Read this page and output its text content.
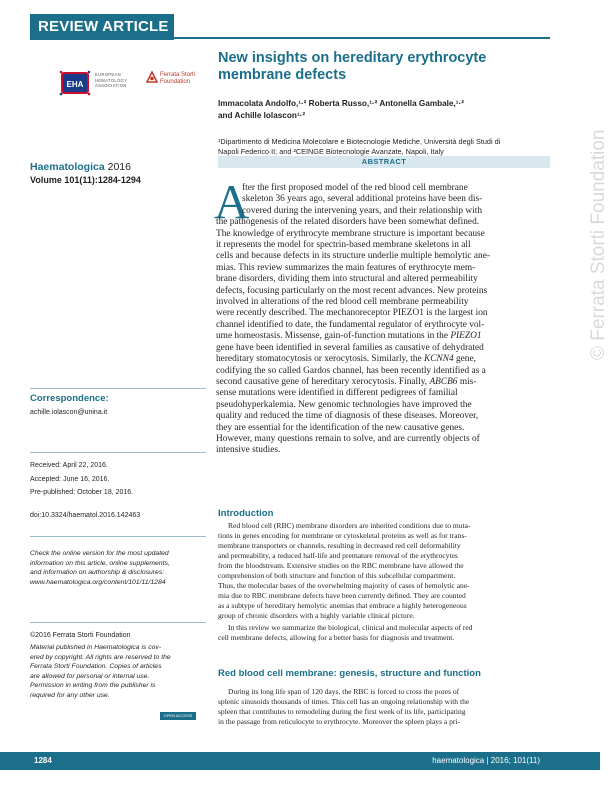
REVIEW ARTICLE
EHA
EUROPEAN
HEMATOLOGY
ASSOCIATION
Ferrata Storti
Foundation
New insights on hereditary erythrocyte
membrane defects
Immacolata Andolfo,¹·² Roberta Russo,¹·² Antonella Gambale,¹·²
and Achille Iolascon¹·²
¹Dipartimento di Medicina Molecolare e Biotecnologie Mediche, Università degli Studi di
Napoli Federico II; and ²CEINGE Biotecnologie Avanzate, Napoli, Italy
Haematologica 2016
Volume 101(11):1284-1294
ABSTRACT
A
fter the first proposed model of the red blood cell membrane
skeleton 36 years ago, several additional proteins have been dis-
covered during the intervening years, and their relationship with
the pathogenesis of the related disorders have been somewhat defined.
The knowledge of erythrocyte membrane structure is important because
it represents the model for spectrin-based membrane skeletons in all
cells and because defects in its structure underlie multiple hemolytic ane-
mias. This review summarizes the main features of erythrocyte mem-
brane disorders, dividing them into structural and altered permeability
defects, focusing particularly on the most recent advances. New proteins
involved in alterations of the red blood cell membrane permeability
were recently described. The mechanoreceptor PIEZO1 is the largest ion
channel identified to date, the fundamental regulator of erythrocyte vol-
ume homeostasis. Missense, gain-of-function mutations in the PIEZO1
gene have been identified in several families as causative of dehydrated
hereditary stomatocytosis or xerocytosis. Similarly, the KCNN4 gene,
codifying the so called Gardos channel, has been recently identified as a
second causative gene of hereditary xerocytosis. Finally, ABCB6 mis-
sense mutations were identified in different pedigrees of familial
pseudohyperkalemia. New genomic technologies have improved the
quality and reduced the time of diagnosis of these diseases. Moreover,
they are essential for the identification of the new causative genes.
However, many questions remain to solve, and are currently objects of
intensive studies.
Correspondence:
achille.iolascon@unina.it
Received: April 22, 2016.
Accepted: June 16, 2016.
Pre-published: October 18, 2016.
doi:10.3324/haematol.2016.142463
Check the online version for the most updated
information on this article, online supplements,
and information on authorship & disclosures:
www.haematologica.org/content/101/11/1284
©2016 Ferrata Storti Foundation
Material published in Haematologica is cov-
ered by copyright. All rights are reserved to the
Ferrata Storti Foundation. Copies of articles
are allowed for personal or internal use.
Permission in writing from the publisher is
required for any other use.
OPEN ACCESS
Introduction
Red blood cell (RBC) membrane disorders are inherited conditions due to muta-
tions in genes encoding for membrane or cytoskeletal proteins as well as for trans-
membrane transporters or channels, resulting in decreased red cell deformability
and permeability, a reduced half-life and premature removal of the erythrocytes
from the bloodstream. Extensive studies on the RBC membrane have allowed the
comprehension of both structure and function of this subcellular compartment.
Thus, the molecular bases of the overwhelming majority of cases of hemolytic ane-
mia due to RBC membrane defects have been currently defined. They are counted
as a subtype of hereditary hemolytic anemias that embrace a highly heterogeneous
group of chronic disorders with a highly variable clinical picture.
In this review we summarize the biological, clinical and molecular aspects of red
cell membrane defects, allowing for a better basis for diagnosis and treatment.
Red blood cell membrane: genesis, structure and function
During its long life span of 120 days, the RBC is forced to cross the pores of
splenic sinusoids thousands of times. This cell has an ongoing relationship with the
spleen that contributes to remodeling during the first week of its life, participating
in the passage from reticulocyte to erythrocyte. Moreover the spleen plays a pri-
1284	haematologica | 2016; 101(11)
© Ferrata Storti Foundation
